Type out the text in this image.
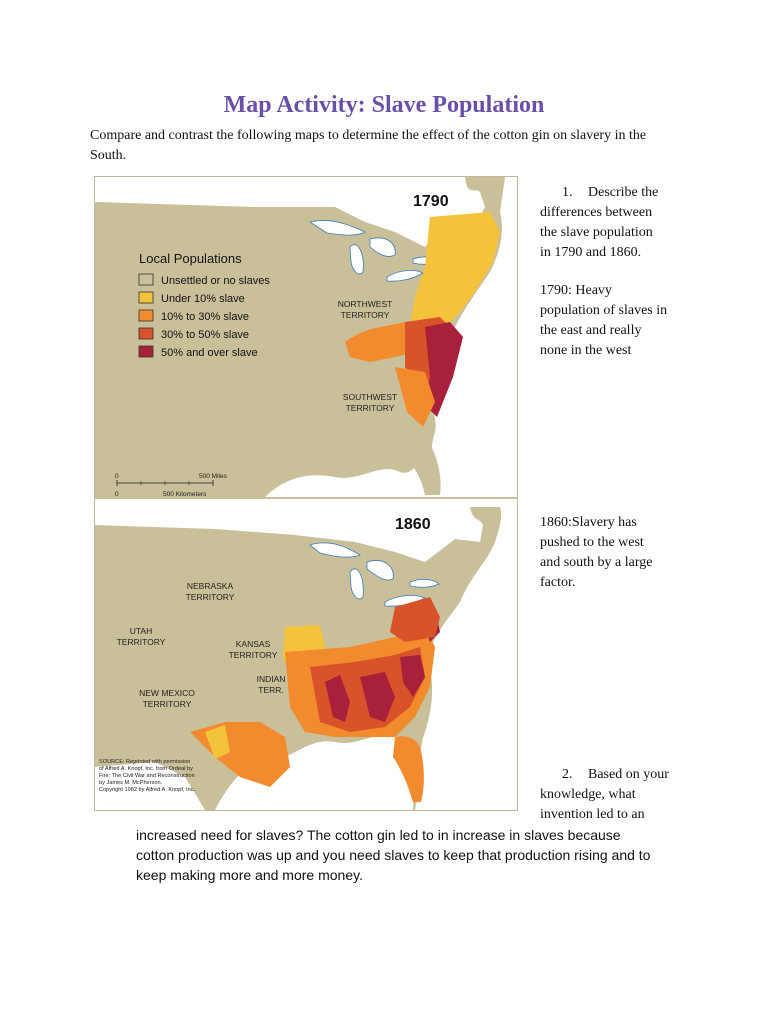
Map Activity: Slave Population
Compare and contrast the following maps to determine the effect of the cotton gin on slavery in the South.
NORTHWEST
TERRITORY
SOUTHWEST
TERRITORY
1790
Local Populations
Unsettled or no slaves
Under 10% slave
10% to 30% slave
30% to 50% slave
50% and over slave
0	500 Miles
0	500 Kilometers
NEBRASKA
TERRITORY
UTAH
TERRITORY	KANSAS
TERRITORY
INDIAN
TERR.
NEW MEXICO
TERRITORY
1860
SOURCE: Reprinted with permission
of Alfred A. Knopf, Inc. from Ordeal by
Fire: The Civil War and Reconstruction
by James M. McPherson.
Copyright 1982 by Alfred A. Knopf, Inc.
1. Describe the
differences between
the slave population
in 1790 and 1860.
1790: Heavy
population of slaves in
the east and really
none in the west
1860:Slavery has
pushed to the west
and south by a large
factor.
2. Based on your
knowledge, what
invention led to an
increased need for slaves? The cotton gin led to in increase in slaves because cotton production was up and you need slaves to keep that production rising and to keep making more and more money.
